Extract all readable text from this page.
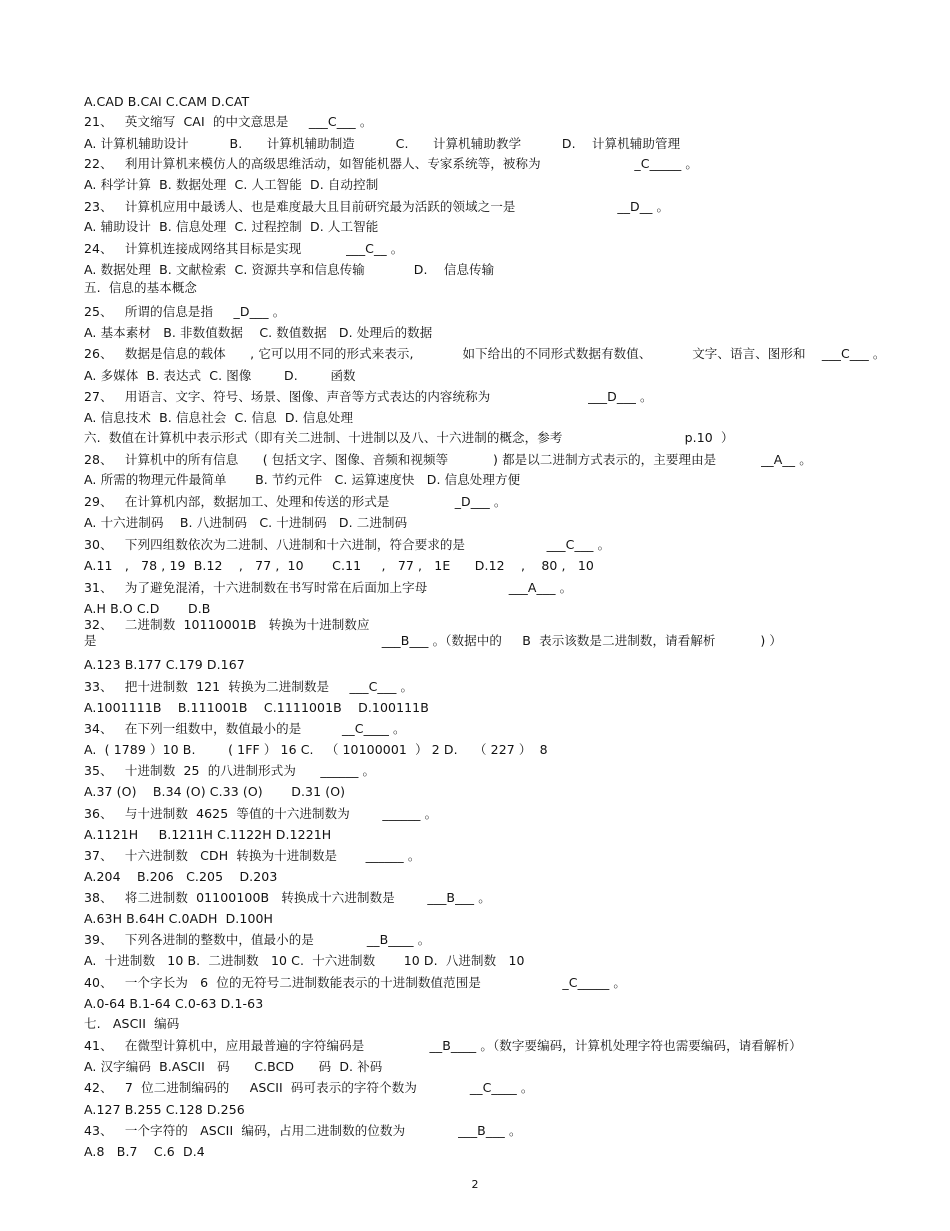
A.CAD B.CAI C.CAM D.CAT

21、   英文缩写  CAI  的中文意思是     ___C___ 。

A. 计算机辅助设计          B.      计算机辅助制造          C.      计算机辅助教学          D.    计算机辅助管理

22、   利用计算机来模仿人的高级思维活动，如智能机器人、专家系统等，被称为                       _C_____ 。

A. 科学计算  B. 数据处理  C. 人工智能  D. 自动控制

23、   计算机应用中最诱人、也是难度最大且目前研究最为活跃的领域之一是                         __D__ 。

A. 辅助设计  B. 信息处理  C. 过程控制  D. 人工智能

24、   计算机连接成网络其目标是实现           ___C__ 。

A. 数据处理  B. 文献检索  C. 资源共享和信息传输            D.    信息传输

五.  信息的基本概念

25、   所谓的信息是指     _D___ 。

A. 基本素材   B. 非数值数据    C. 数值数据   D. 处理后的数据

26、   数据是信息的载体      , 它可以用不同的形式来表示,            如下给出的不同形式数据有数值、          文字、语言、图形和    ___C___ 。

A. 多媒体  B. 表达式  C. 图像        D.        函数

27、   用语言、文字、符号、场景、图像、声音等方式表达的内容统称为                        ___D___ 。

A. 信息技术  B. 信息社会  C. 信息  D. 信息处理

六.  数值在计算机中表示形式（即有关二进制、十进制以及八、十六进制的概念，参考                              p.10  ）

28、   计算机中的所有信息      ( 包括文字、图像、音频和视频等           ) 都是以二进制方式表示的，主要理由是           __A__ 。

A. 所需的物理元件最简单       B. 节约元件   C. 运算速度快   D. 信息处理方便

29、   在计算机内部，数据加工、处理和传送的形式是                _D___ 。

A. 十六进制码    B. 八进制码   C. 十进制码   D. 二进制码

30、   下列四组数依次为二进制、八进制和十六进制，符合要求的是                    ___C___ 。

A.11   ,   78 , 19  B.12    ,   77 ,  10       C.11     ,   77 ,   1E      D.12    ,    80 ,   10

31、   为了避免混淆，十六进制数在书写时常在后面加上字母                    ___A___ 。

A.H B.O C.D       D.B

32、   二进制数  10110001B   转换为十进制数应

是                                                                      ___B___ 。（数据中的     B  表示该数是二进制数，请看解析           ) ）

A.123 B.177 C.179 D.167

33、   把十进制数  121  转换为二进制数是     ___C___ 。

A.1001111B    B.111001B    C.1111001B    D.100111B

34、   在下列一组数中，数值最小的是          __C____ 。

A.  ( 1789 ）10 B.        ( 1FF ） 16 C.   （ 10100001  ） 2 D.    （ 227 ）  8

35、   十进制数  25  的八进制形式为      ______ 。

A.37 (O)    B.34 (O) C.33 (O)       D.31 (O)

36、   与十进制数  4625  等值的十六进制数为        ______ 。

A.1121H     B.1211H C.1122H D.1221H

37、   十六进制数   CDH  转换为十进制数是       ______ 。

A.204    B.206   C.205    D.203

38、   将二进制数  01100100B   转换成十六进制数是        ___B___ 。

A.63H B.64H C.0ADH  D.100H

39、   下列各进制的整数中，值最小的是             __B____ 。

A.  十进制数   10 B.  二进制数   10 C.  十六进制数       10 D.  八进制数   10

40、   一个字长为   6  位的无符号二进制数能表示的十进制数值范围是                    _C_____ 。

A.0-64 B.1-64 C.0-63 D.1-63

七.   ASCII  编码

41、   在微型计算机中，应用最普遍的字符编码是                __B____ 。（数字要编码，计算机处理字符也需要编码，请看解析）

A. 汉字编码  B.ASCII   码      C.BCD      码  D. 补码

42、   7  位二进制编码的     ASCII  码可表示的字符个数为             __C____ 。

A.127 B.255 C.128 D.256

43、   一个字符的   ASCII  编码，占用二进制数的位数为             ___B___ 。

A.8   B.7    C.6  D.4

2
